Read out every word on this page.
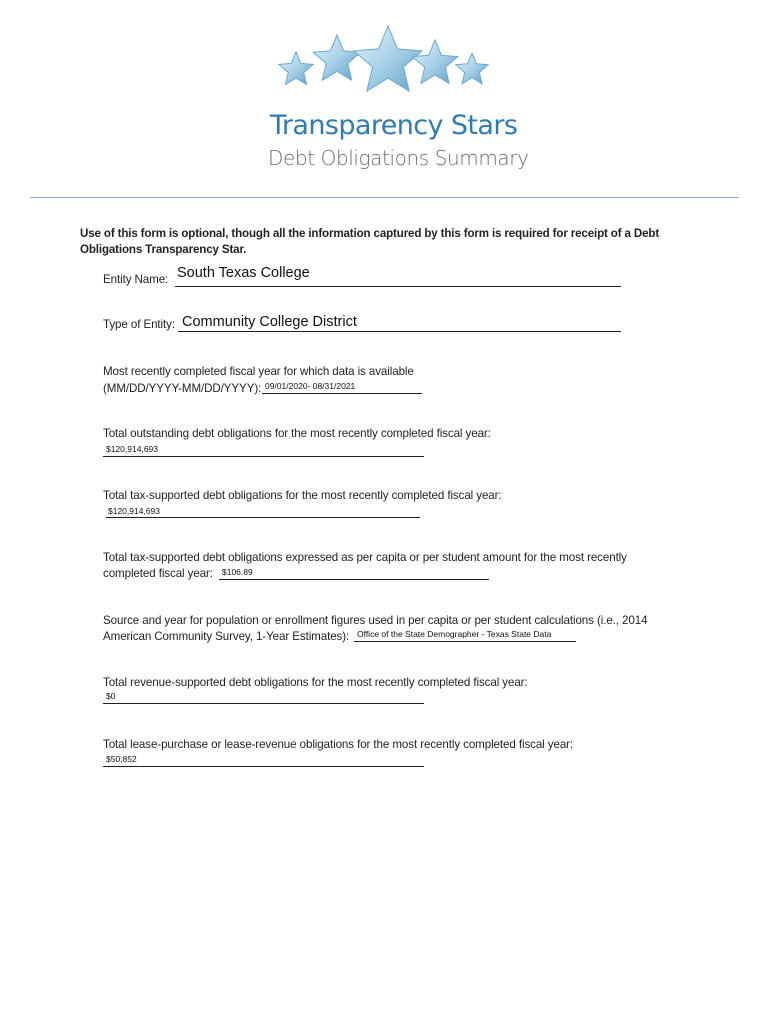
Transparency Stars
Debt Obligations Summary
Use of this form is optional, though all the information captured by this form is required for receipt of a Debt Obligations Transparency Star.
Entity Name: South Texas College
Type of Entity: Community College District
Most recently completed fiscal year for which data is available
(MM/DD/YYYY-MM/DD/YYYY): 09/01/2020- 08/31/2021
Total outstanding debt obligations for the most recently completed fiscal year:
$120,914,693
Total tax-supported debt obligations for the most recently completed fiscal year:
$120,914,693
Total tax-supported debt obligations expressed as per capita or per student amount for the most recently
completed fiscal year: $106.89
Source and year for population or enrollment figures used in per capita or per student calculations (i.e., 2014
American Community Survey, 1-Year Estimates): Office of the State Demographer - Texas State Data
Total revenue-supported debt obligations for the most recently completed fiscal year:
$0
Total lease-purchase or lease-revenue obligations for the most recently completed fiscal year:
$50,852
